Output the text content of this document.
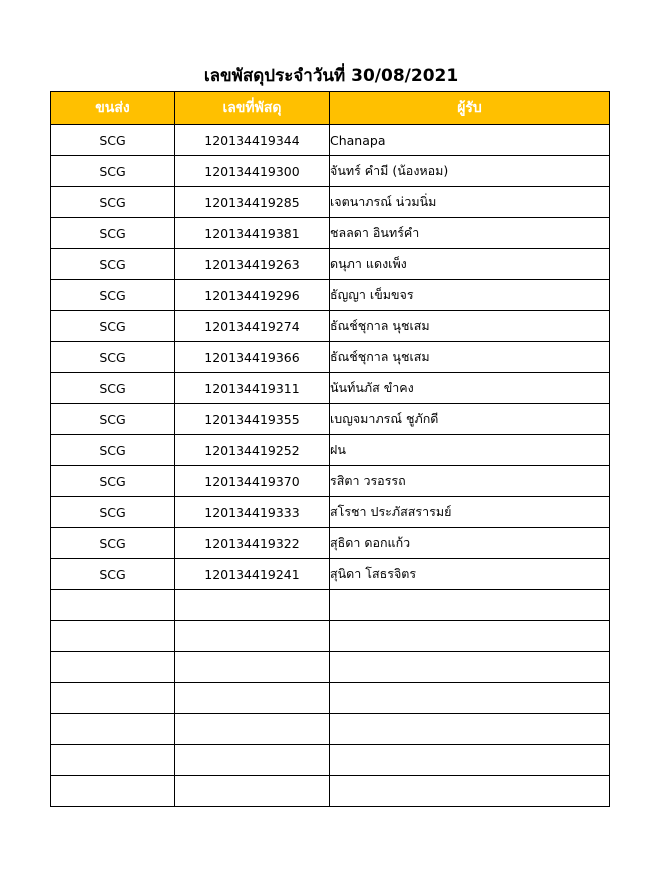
เลขพัสดุประจำวันที่ 30/08/2021
ขนส่ง	เลขที่พัสดุ	ผู้รับ
SCG	120134419344	Chanapa
SCG	120134419300	จันทร์ คำมี (น้องหอม)
SCG	120134419285	เจตนาภรณ์ น่วมนิ่ม
SCG	120134419381	ชลลดา อินทร์คำ
SCG	120134419263	ดนุภา แดงเพ็ง
SCG	120134419296	ธัญญา เข็มขจร
SCG	120134419274	ธัณช์ชุกาล นุชเสม
SCG	120134419366	ธัณช์ชุกาล นุชเสม
SCG	120134419311	นันท์นภัส ขำคง
SCG	120134419355	เบญจมาภรณ์ ชูภักดี
SCG	120134419252	ฝน
SCG	120134419370	รสิตา วรอรรถ
SCG	120134419333	สโรชา ประภัสสรารมย์
SCG	120134419322	สุธิดา ดอกแก้ว
SCG	120134419241	สุนิดา โสธรจิตร
